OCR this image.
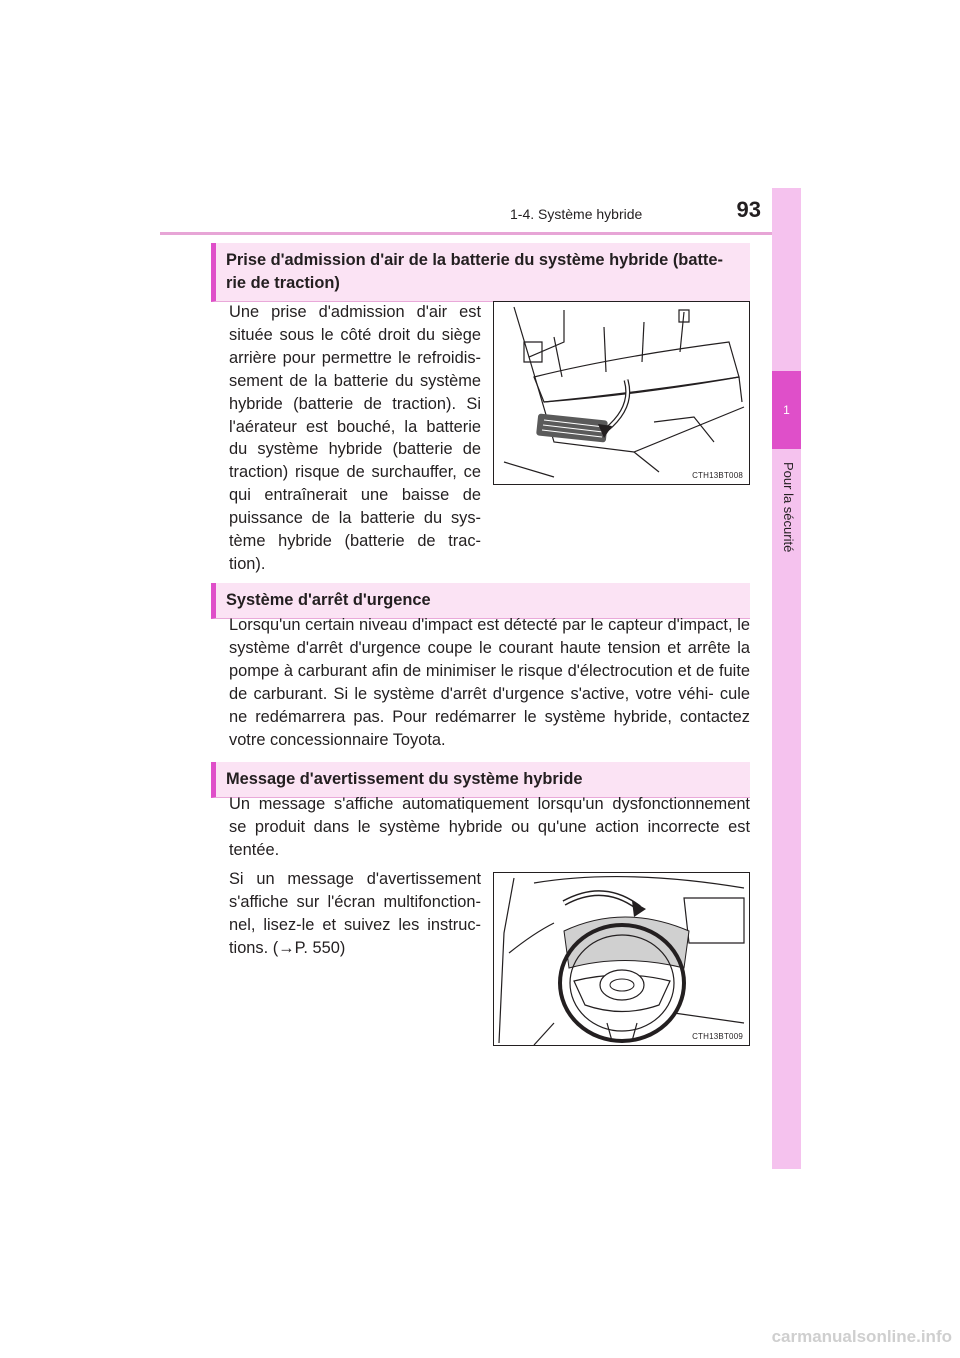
1-4. Système hybride	93
1
Pour la sécurité
Prise d'admission d'air de la batterie du système hybride (batte- rie de traction)

Une prise d'admission d'air est située sous le côté droit du siège arrière pour permettre le refroidis- sement de la batterie du système hybride (batterie de traction). Si l'aérateur est bouché, la batterie du système hybride (batterie de traction) risque de surchauffer, ce qui entraînerait une baisse de puissance de la batterie du sys- tème hybride (batterie de trac- tion).

CTH13BT008
Système d'arrêt d'urgence

Lorsqu'un certain niveau d'impact est détecté par le capteur d'impact, le système d'arrêt d'urgence coupe le courant haute tension et arrête la pompe à carburant afin de minimiser le risque d'électrocution et de fuite de carburant. Si le système d'arrêt d'urgence s'active, votre véhi- cule ne redémarrera pas. Pour redémarrer le système hybride, contactez votre concessionnaire Toyota.

Message d'avertissement du système hybride

Un message s'affiche automatiquement lorsqu'un dysfonctionnement se produit dans le système hybride ou qu'une action incorrecte est tentée.

Si un message d'avertissement s'affiche sur l'écran multifonction- nel, lisez-le et suivez les instruc- tions. (→P. 550)

CTH13BT009
carmanualsonline.info
